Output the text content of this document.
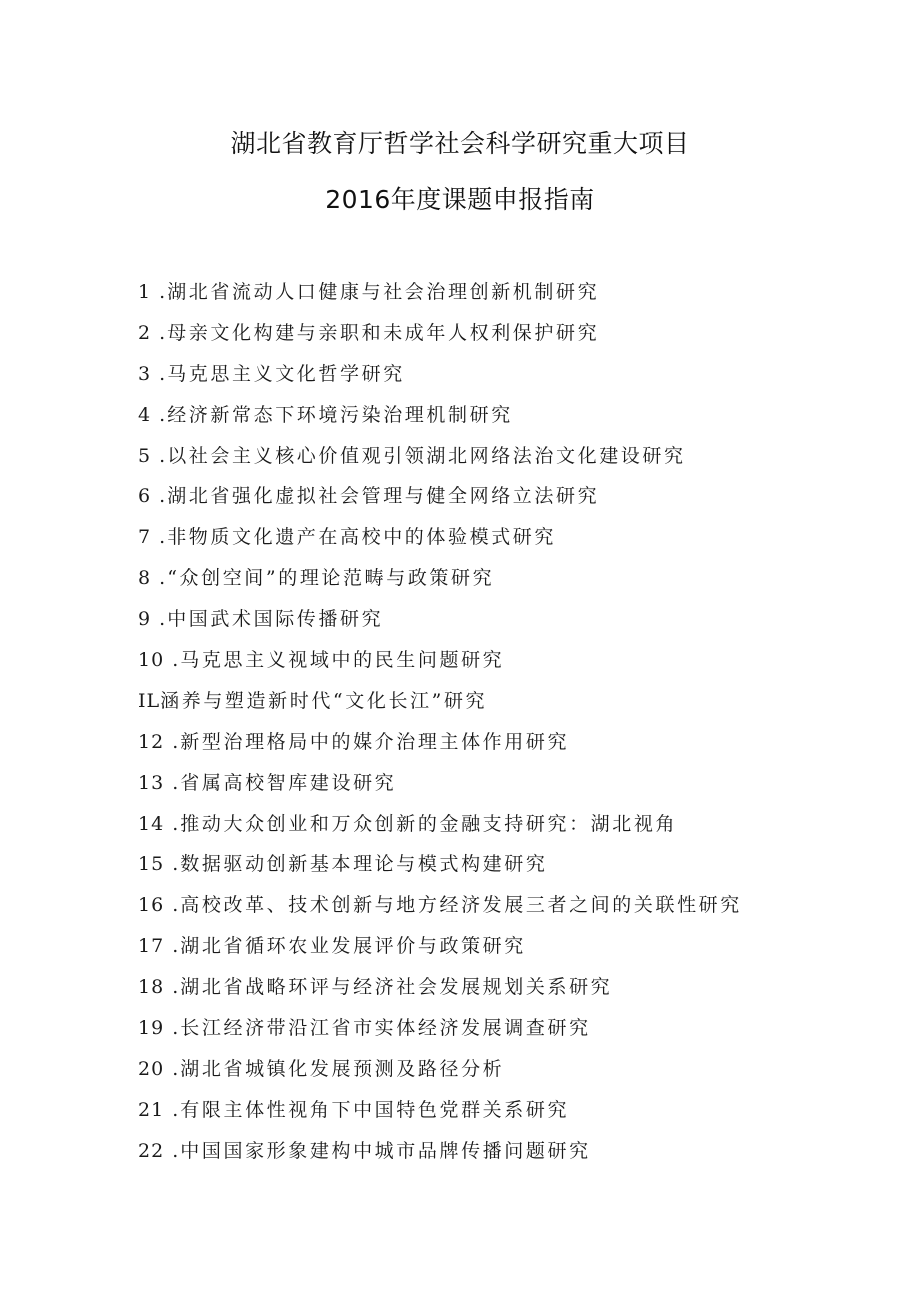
湖北省教育厅哲学社会科学研究重大项目
2016年度课题申报指南
1 .湖北省流动人口健康与社会治理创新机制研究
2 .母亲文化构建与亲职和未成年人权利保护研究
3 .马克思主义文化哲学研究
4 .经济新常态下环境污染治理机制研究
5 .以社会主义核心价值观引领湖北网络法治文化建设研究
6 .湖北省强化虚拟社会管理与健全网络立法研究
7 .非物质文化遗产在高校中的体验模式研究
8 .“众创空间”的理论范畴与政策研究
9 .中国武术国际传播研究
10 .马克思主义视域中的民生问题研究
IL涵养与塑造新时代“文化长江”研究
12 .新型治理格局中的媒介治理主体作用研究
13 .省属高校智库建设研究
14 .推动大众创业和万众创新的金融支持研究：湖北视角
15 .数据驱动创新基本理论与模式构建研究
16 .高校改革、技术创新与地方经济发展三者之间的关联性研究
17 .湖北省循环农业发展评价与政策研究
18 .湖北省战略环评与经济社会发展规划关系研究
19 .长江经济带沿江省市实体经济发展调查研究
20 .湖北省城镇化发展预测及路径分析
21 .有限主体性视角下中国特色党群关系研究
22 .中国国家形象建构中城市品牌传播问题研究
